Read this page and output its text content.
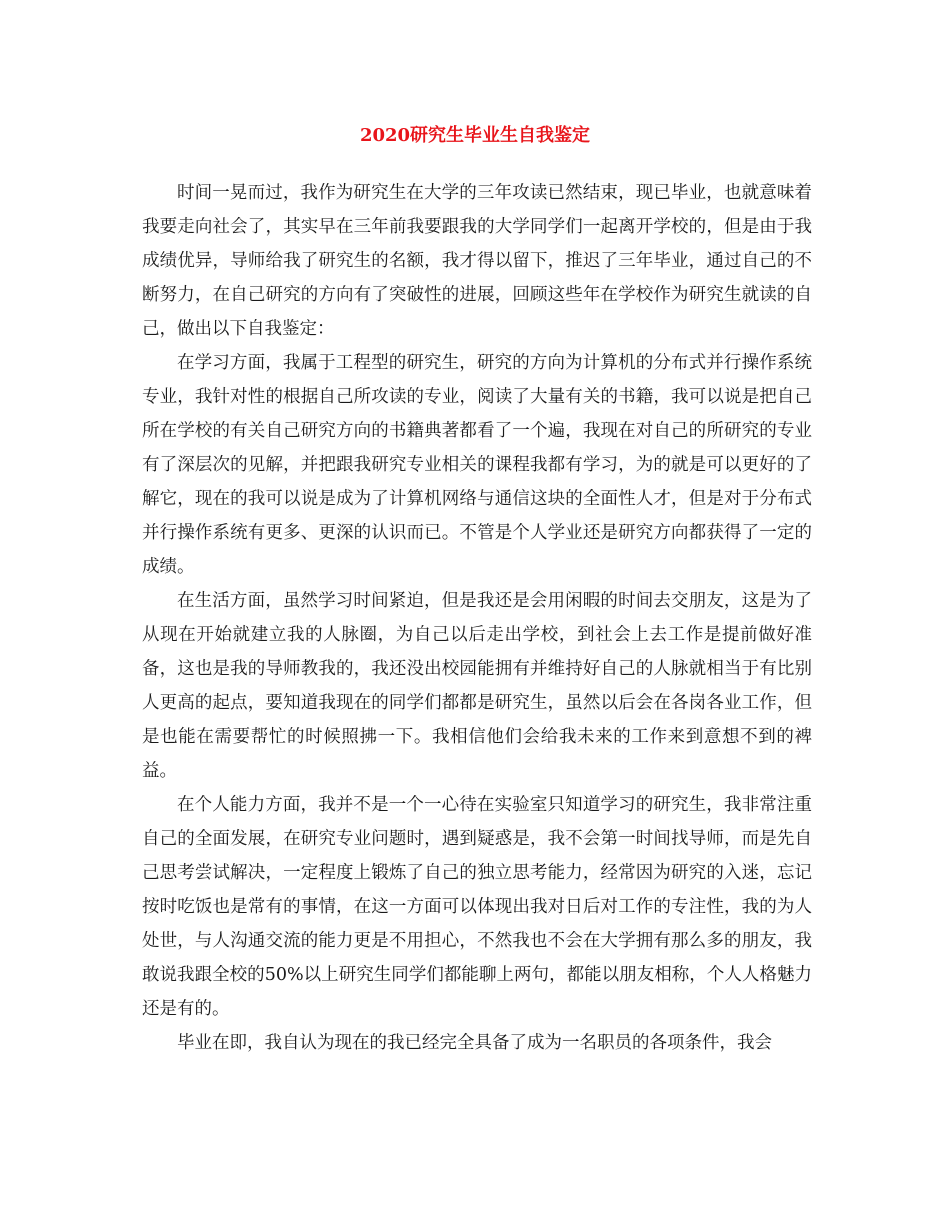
2020研究生毕业生自我鉴定

时间一晃而过，我作为研究生在大学的三年攻读已然结束，现已毕业，也就意味着我要走向社会了，其实早在三年前我要跟我的大学同学们一起离开学校的，但是由于我成绩优异，导师给我了研究生的名额，我才得以留下，推迟了三年毕业，通过自己的不断努力，在自己研究的方向有了突破性的进展，回顾这些年在学校作为研究生就读的自己，做出以下自我鉴定：

在学习方面，我属于工程型的研究生，研究的方向为计算机的分布式并行操作系统专业，我针对性的根据自己所攻读的专业，阅读了大量有关的书籍，我可以说是把自己所在学校的有关自己研究方向的书籍典著都看了一个遍，我现在对自己的所研究的专业有了深层次的见解，并把跟我研究专业相关的课程我都有学习，为的就是可以更好的了解它，现在的我可以说是成为了计算机网络与通信这块的全面性人才，但是对于分布式并行操作系统有更多、更深的认识而已。不管是个人学业还是研究方向都获得了一定的成绩。

在生活方面，虽然学习时间紧迫，但是我还是会用闲暇的时间去交朋友，这是为了从现在开始就建立我的人脉圈，为自己以后走出学校，到社会上去工作是提前做好准备，这也是我的导师教我的，我还没出校园能拥有并维持好自己的人脉就相当于有比别人更高的起点，要知道我现在的同学们都都是研究生，虽然以后会在各岗各业工作，但是也能在需要帮忙的时候照拂一下。我相信他们会给我未来的工作来到意想不到的裨益。

在个人能力方面，我并不是一个一心待在实验室只知道学习的研究生，我非常注重自己的全面发展，在研究专业问题时，遇到疑惑是，我不会第一时间找导师，而是先自己思考尝试解决，一定程度上锻炼了自己的独立思考能力，经常因为研究的入迷，忘记按时吃饭也是常有的事情，在这一方面可以体现出我对日后对工作的专注性，我的为人处世，与人沟通交流的能力更是不用担心，不然我也不会在大学拥有那么多的朋友，我敢说我跟全校的50%以上研究生同学们都能聊上两句，都能以朋友相称，个人人格魅力还是有的。

毕业在即，我自认为现在的我已经完全具备了成为一名职员的各项条件，我会
